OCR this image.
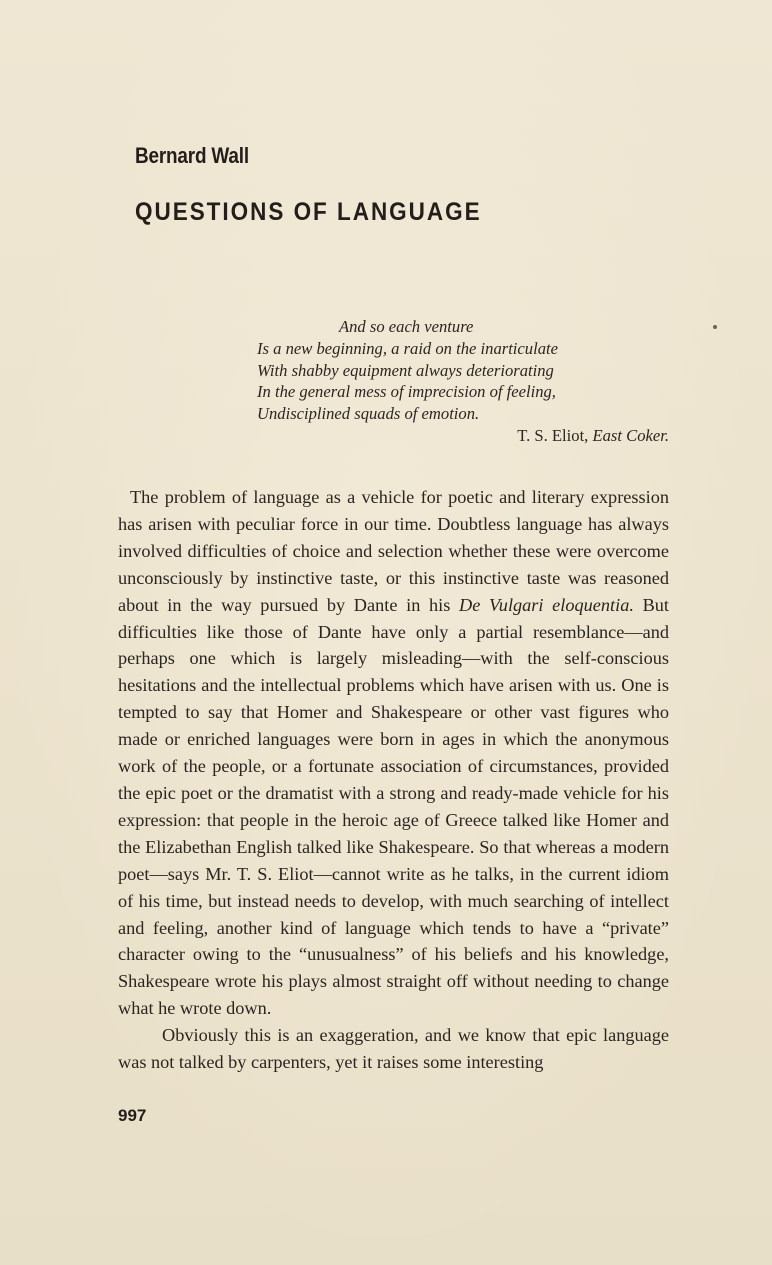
Bernard Wall
QUESTIONS OF LANGUAGE
And so each venture
Is a new beginning, a raid on the inarticulate
With shabby equipment always deteriorating
In the general mess of imprecision of feeling,
Undisciplined squads of emotion.
T. S. Eliot, East Coker.

The problem of language as a vehicle for poetic and literary expression has arisen with peculiar force in our time. Doubtless language has always involved difficulties of choice and selection whether these were overcome unconsciously by instinctive taste, or this instinctive taste was reasoned about in the way pursued by Dante in his De Vulgari eloquentia. But difficulties like those of Dante have only a partial resemblance—and perhaps one which is largely misleading—with the self-conscious hesitations and the intellectual problems which have arisen with us. One is tempted to say that Homer and Shakespeare or other vast figures who made or enriched languages were born in ages in which the anonymous work of the people, or a fortunate association of circumstances, provided the epic poet or the dramatist with a strong and ready-made vehicle for his expression: that people in the heroic age of Greece talked like Homer and the Elizabethan English talked like Shakespeare. So that whereas a modern poet—says Mr. T. S. Eliot—cannot write as he talks, in the current idiom of his time, but instead needs to develop, with much searching of intellect and feeling, another kind of language which tends to have a “private” character owing to the “unusualness” of his beliefs and his knowledge, Shakespeare wrote his plays almost straight off without needing to change what he wrote down.

Obviously this is an exaggeration, and we know that epic language was not talked by carpenters, yet it raises some interesting

997
